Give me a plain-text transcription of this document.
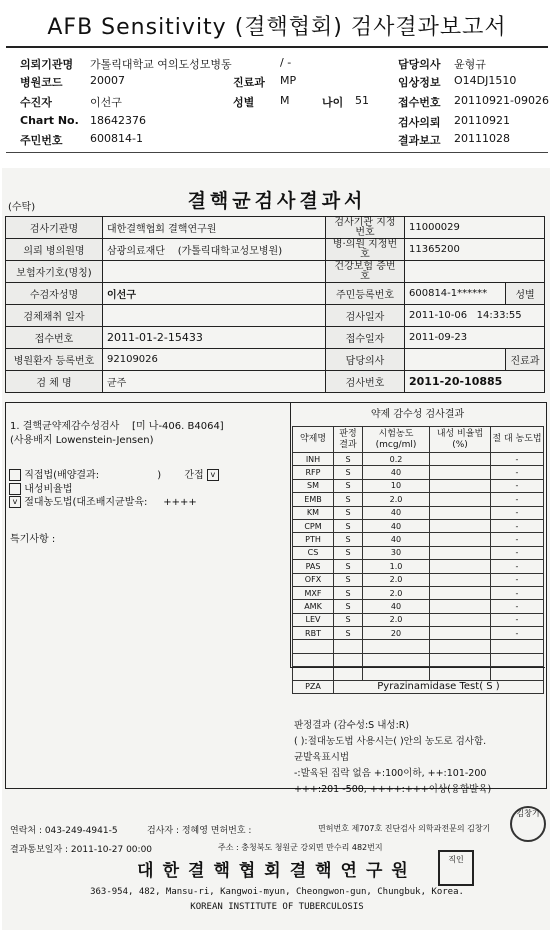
AFB Sensitivity (결핵협회) 검사결과보고서
의뢰기관명 가톨릭대학교 여의도성모병동	/ -	담당의사 윤형규
병원코드 20007	진료과 MP	임상정보 O14DJ1510
수진자	이선구	성별 M	나이 51	접수번호 20110921-09026
Chart No. 18642376	검사의뢰 20110921
주민번호 600814-1	결과보고 20111028
(수탁)	결핵균검사결과서
검사기관명	대한결핵협회 결핵연구원	검사기관 지정번호	11000029	
의뢰 병의원명	삼광의료재단 (가톨릭대학교성모병원)	병·의원 지정번호	11365200	
보험자기호(명칭)		건강보험 증번호		
수검자성명	이선구	주민등록번호	600814-1******	성별
검체채취 일자		검사일자	2011-10-06 14:33:55	
접수번호	2011-01-2-15433	접수일자	2011-09-23	
병원환자 등록번호	92109026	담당의사		진료과
검 체 명	균주	검사번호	2011-20-10885	
1. 결핵균약제감수성검사 [미 나-406. B4064]
(사용배지 Lowenstein-Jensen)
직접법(배양결과:	) 간접 v
내성비율법
v 절대농도법(대조배지균발육: ++++
특기사항 :
약제 감수성 검사결과
약제명	판정 결과	시험농도 (mcg/ml)	내성 비율법(%)	절 대 농도법
INH	S	0.2		-
RFP	S	40		-
SM	S	10		-
EMB	S	2.0		-
KM	S	40		-
CPM	S	40		-
PTH	S	40		-
CS	S	30		-
PAS	S	1.0		-
OFX	S	2.0		-
MXF	S	2.0		-
AMK	S	40		-
LEV	S	2.0		-
RBT	S	20		-

PZA	Pyrazinamidase Test( S )			
판정결과 (감수성:S 내성:R)
( ):절대농도법 사용시는( )안의 농도로 검사함.
균발육표시법
-:발육된 집락 없음 +:100이하, ++:101-200
+++:201 -500, ++++:+++이상(융합발육)
연락처 : 043-249-4941-5	검사자 : 정혜영 면허번호 :	면허번호 제707호 진단검사 의학과전문의 김창기
김창기
결과통보일자 : 2011-10-27 00:00	주소 : 충청북도 청원군 강외면 만수리 482번지
대한결핵협회결핵연구원
직인
363-954, 482, Mansu-ri, Kangwoi-myun, Cheongwon-gun, Chungbuk, Korea.
KOREAN INSTITUTE OF TUBERCULOSIS
